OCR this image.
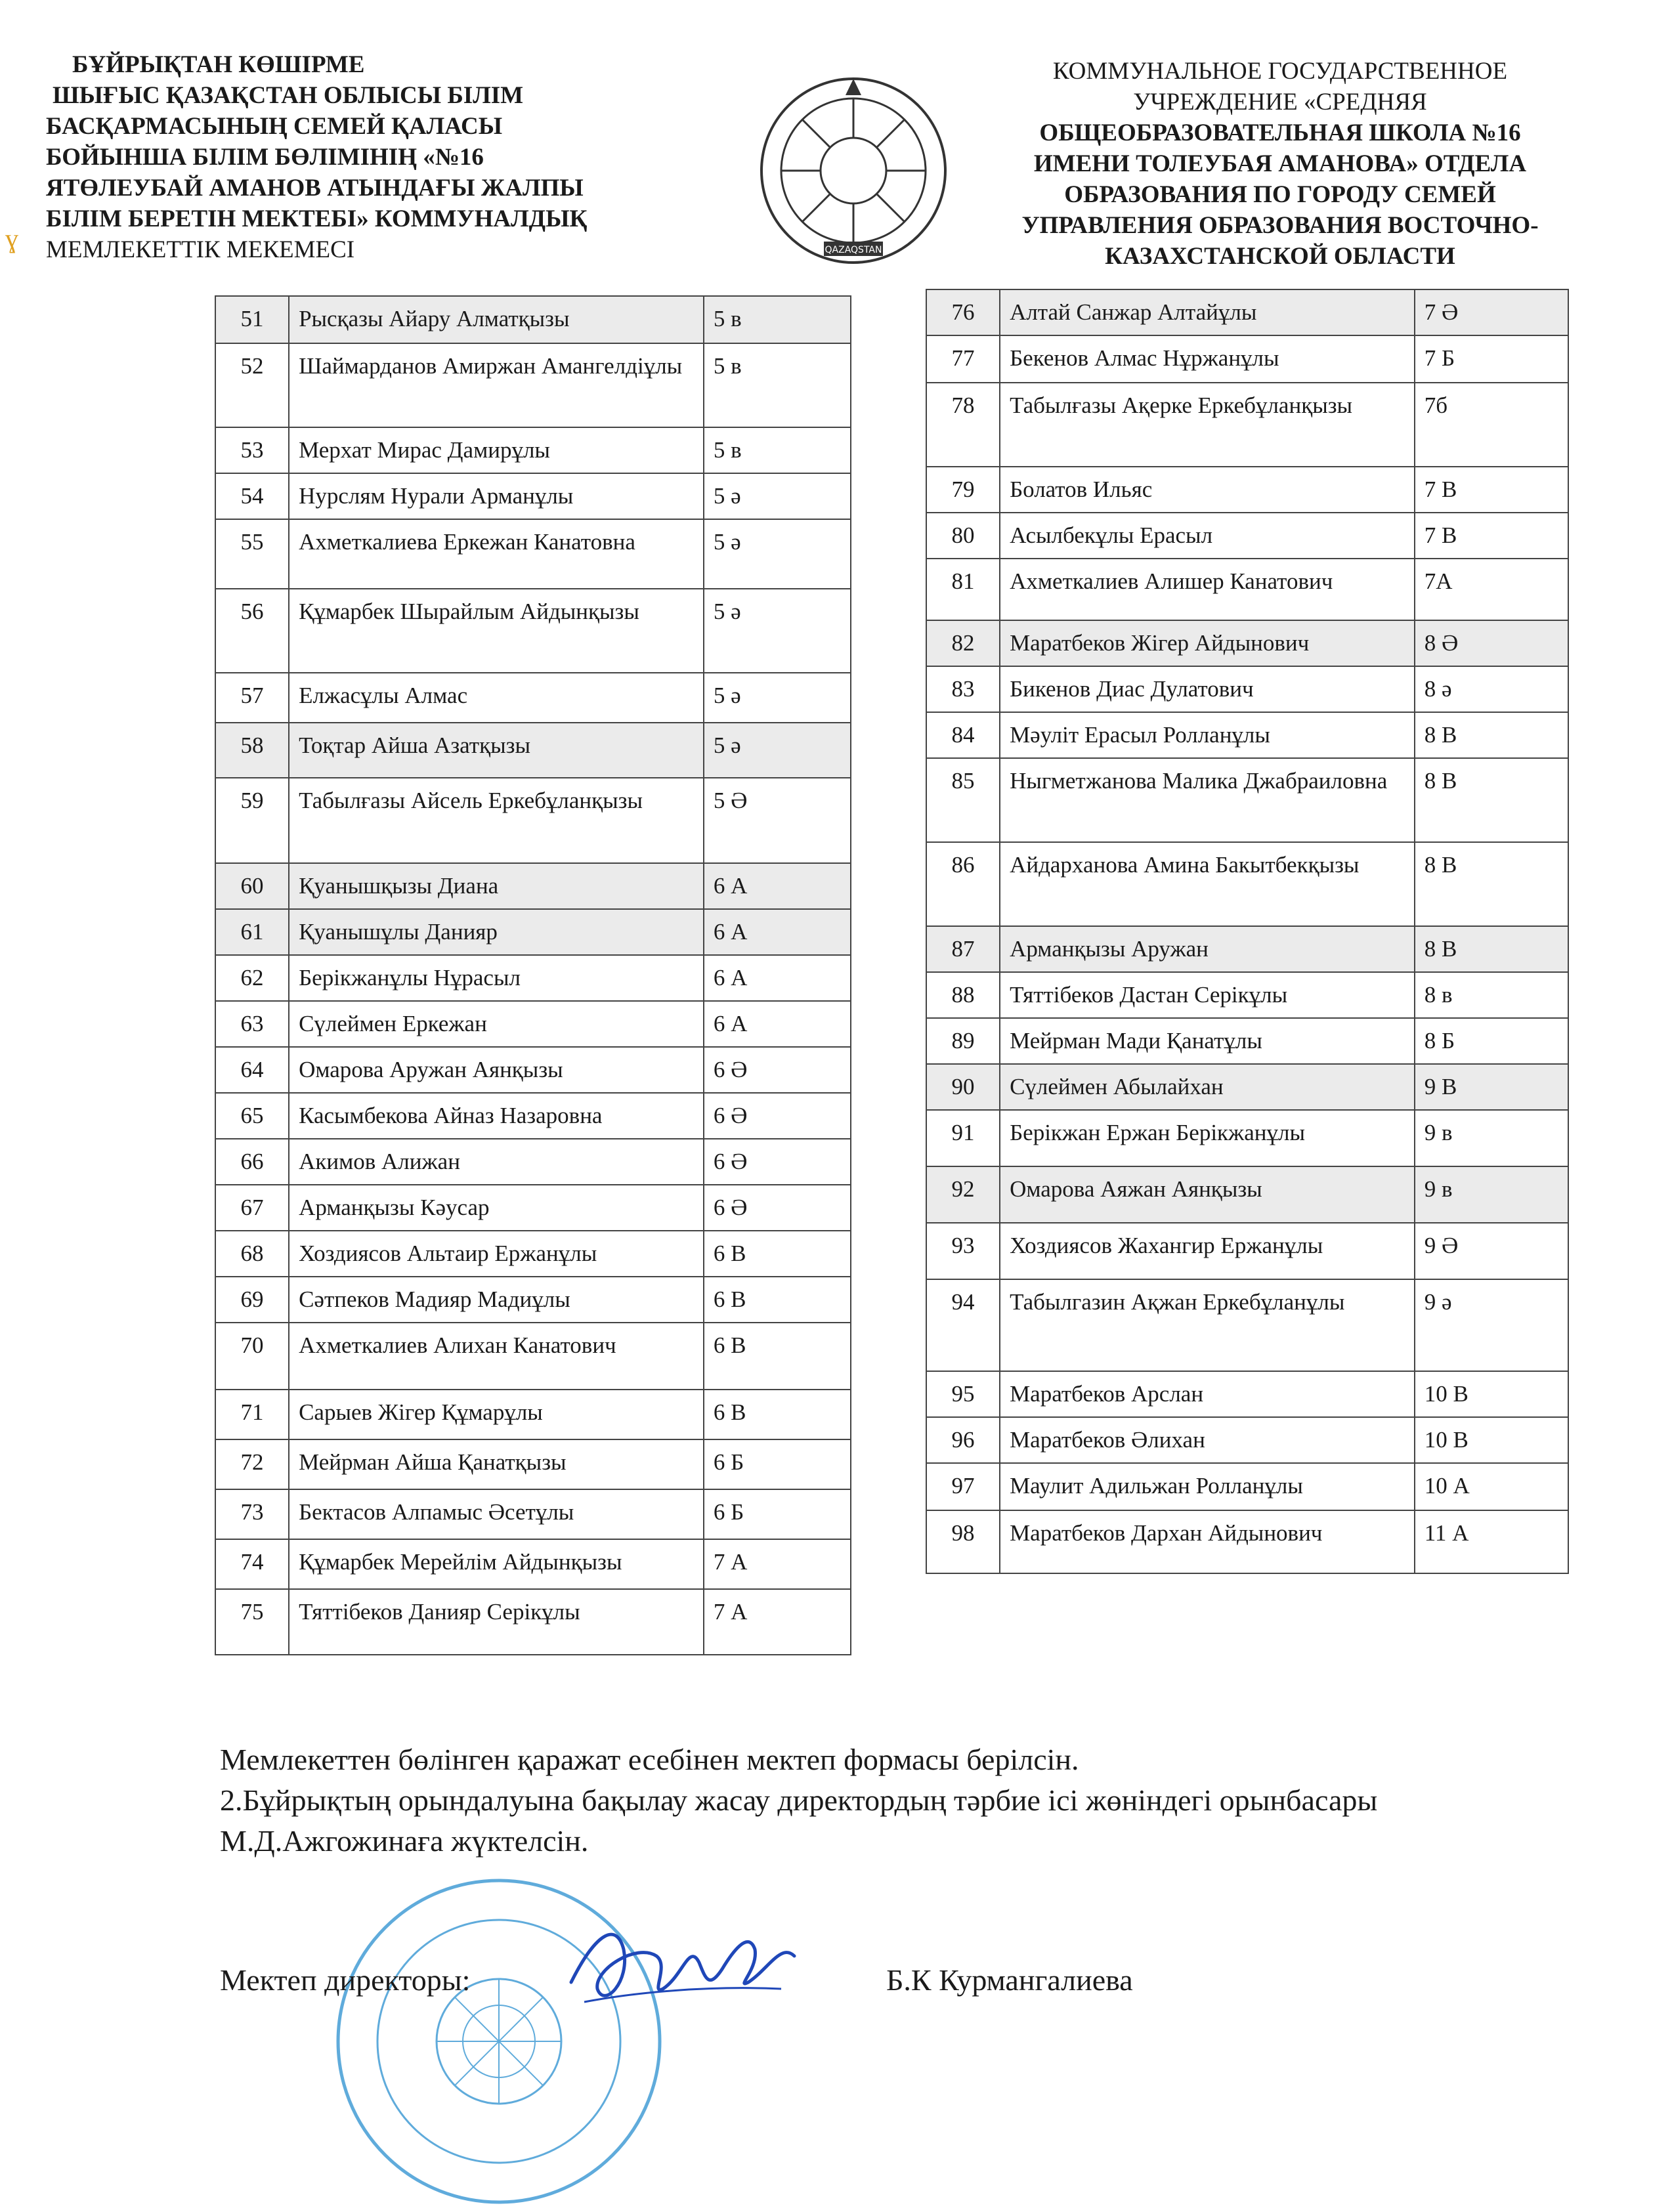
ɣ
БҰЙРЫҚТАН КӨШІРМЕ
ШЫҒЫС ҚАЗАҚСТАН ОБЛЫСЫ БІЛІМ
БАСҚАРМАСЫНЫҢ СЕМЕЙ ҚАЛАСЫ
БОЙЫНША БІЛІМ БӨЛІМІНІҢ «№16
ЯТӨЛЕУБАЙ АМАНОВ АТЫНДАҒЫ ЖАЛПЫ
БІЛІМ БЕРЕТІН МЕКТЕБІ» КОММУНАЛДЫҚ
МЕМЛЕКЕТТІК МЕКЕМЕСІ	QAZAQSTAN
КОММУНАЛЬНОЕ ГОСУДАРСТВЕННОЕ
УЧРЕЖДЕНИЕ «СРЕДНЯЯ
ОБЩЕОБРАЗОВАТЕЛЬНАЯ ШКОЛА №16
ИМЕНИ ТОЛЕУБАЯ АМАНОВА» ОТДЕЛА
ОБРАЗОВАНИЯ ПО ГОРОДУ СЕМЕЙ
УПРАВЛЕНИЯ ОБРАЗОВАНИЯ ВОСТОЧНО-
КАЗАХСТАНСКОЙ ОБЛАСТИ
51	Рысқазы Айару Алматқызы	5 в
52	Шаймарданов Амиржан Амангелдіұлы	5 в
53	Мерхат Мирас Дамирұлы	5 в
54	Нурслям Нурали Арманұлы	5 ә
55	Ахметкалиева Еркежан Канатовна	5 ә
56	Құмарбек Шырайлым Айдынқызы	5 ә
57	Елжасұлы Алмас	5 ә
58	Тоқтар Айша Азатқызы	5 ә
59	Табылғазы Айсель Еркебұланқызы	5 Ә
60	Қуанышқызы Диана	6 А
61	Қуанышұлы Данияр	6 А
62	Берікжанұлы Нұрасыл	6 А
63	Сүлеймен Еркежан	6 А
64	Омарова Аружан Аянқызы	6 Ә
65	Касымбекова Айназ Назаровна	6 Ә
66	Акимов Алижан	6 Ә
67	Арманқызы Кәусар	6 Ә
68	Хоздиясов Альтаир Ержанұлы	6 В
69	Сәтпеков Мадияр Мадиұлы	6 В
70	Ахметкалиев Алихан Канатович	6 В
71	Сарыев Жігер Құмарұлы	6 В
72	Мейрман Айша Қанатқызы	6 Б
73	Бектасов Алпамыс Әсетұлы	6 Б
74	Құмарбек Мерейлім Айдынқызы	7 А
75	Тяттібеков Данияр Серікұлы	7 А
76	Алтай Санжар Алтайұлы	7 Ә
77	Бекенов Алмас Нұржанұлы	7 Б
78	Табылғазы Ақерке Еркебұланқызы	7б
79	Болатов Ильяс	7 В
80	Асылбекұлы Ерасыл	7 В
81	Ахметкалиев Алишер Канатович	7А
82	Маратбеков Жігер Айдынович	8 Ә
83	Бикенов Диас Дулатович	8 ә
84	Мәуліт Ерасыл Ролланұлы	8 В
85	Ныгметжанова Малика Джабраиловна	8 В
86	Айдарханова Амина Бакытбекқызы	8 В
87	Арманқызы Аружан	8 В
88	Тяттібеков Дастан Серікұлы	8 в
89	Мейрман Мади Қанатұлы	8 Б
90	Сүлеймен Абылайхан	9 В
91	Берікжан Ержан Берікжанұлы	9 в
92	Омарова Аяжан Аянқызы	9 в
93	Хоздиясов Жахангир Ержанұлы	9 Ә
94	Табылгазин Ақжан Еркебұланұлы	9 ә
95	Маратбеков Арслан	10 В
96	Маратбеков Әлихан	10 В
97	Маулит Адильжан Ролланұлы	10 А
98	Маратбеков Дархан Айдынович	11 А
Мемлекеттен бөлінген қаражат есебінен мектеп формасы берілсін.
2.Бұйрықтың орындалуына бақылау жасау директордың тәрбие ісі жөніндегі орынбасары М.Д.Ажгожинаға жүктелсін.
Мектеп директоры:	Б.К Курмангалиева
